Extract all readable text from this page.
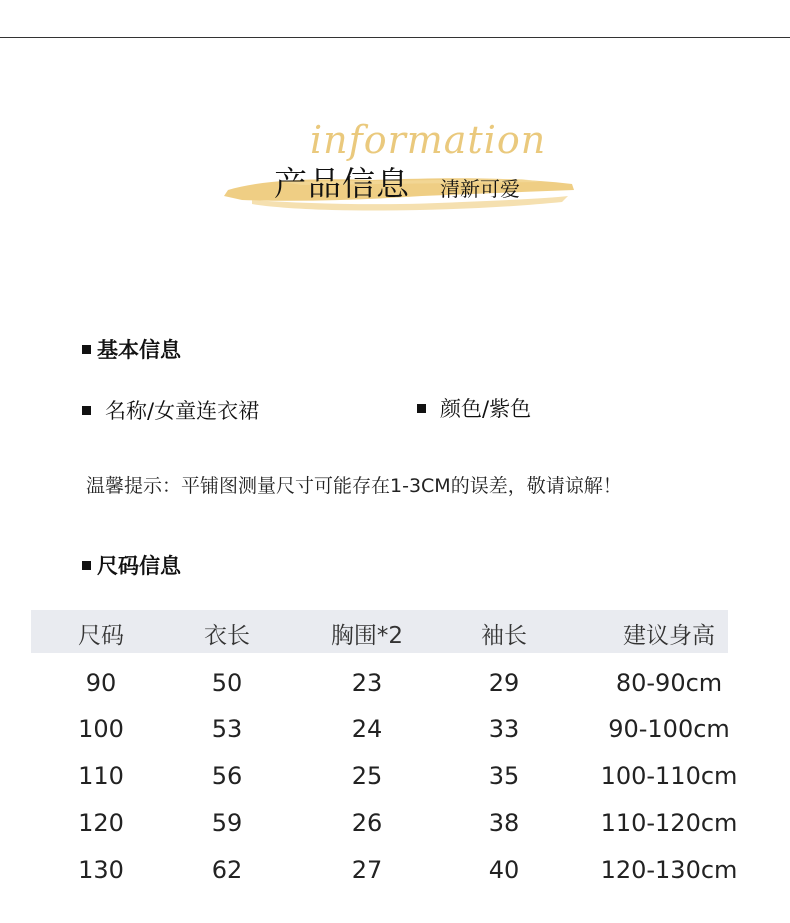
information
产品信息 清新可爱
基本信息
名称/女童连衣裙	颜色/紫色
温馨提示：平铺图测量尺寸可能存在1-3CM的误差，敬请谅解！
尺码信息
尺码	衣长	胸围*2	袖长	建议身高
90	50	23	29	80-90cm
100	53	24	33	90-100cm
110	56	25	35	100-110cm
120	59	26	38	110-120cm
130	62	27	40	120-130cm
